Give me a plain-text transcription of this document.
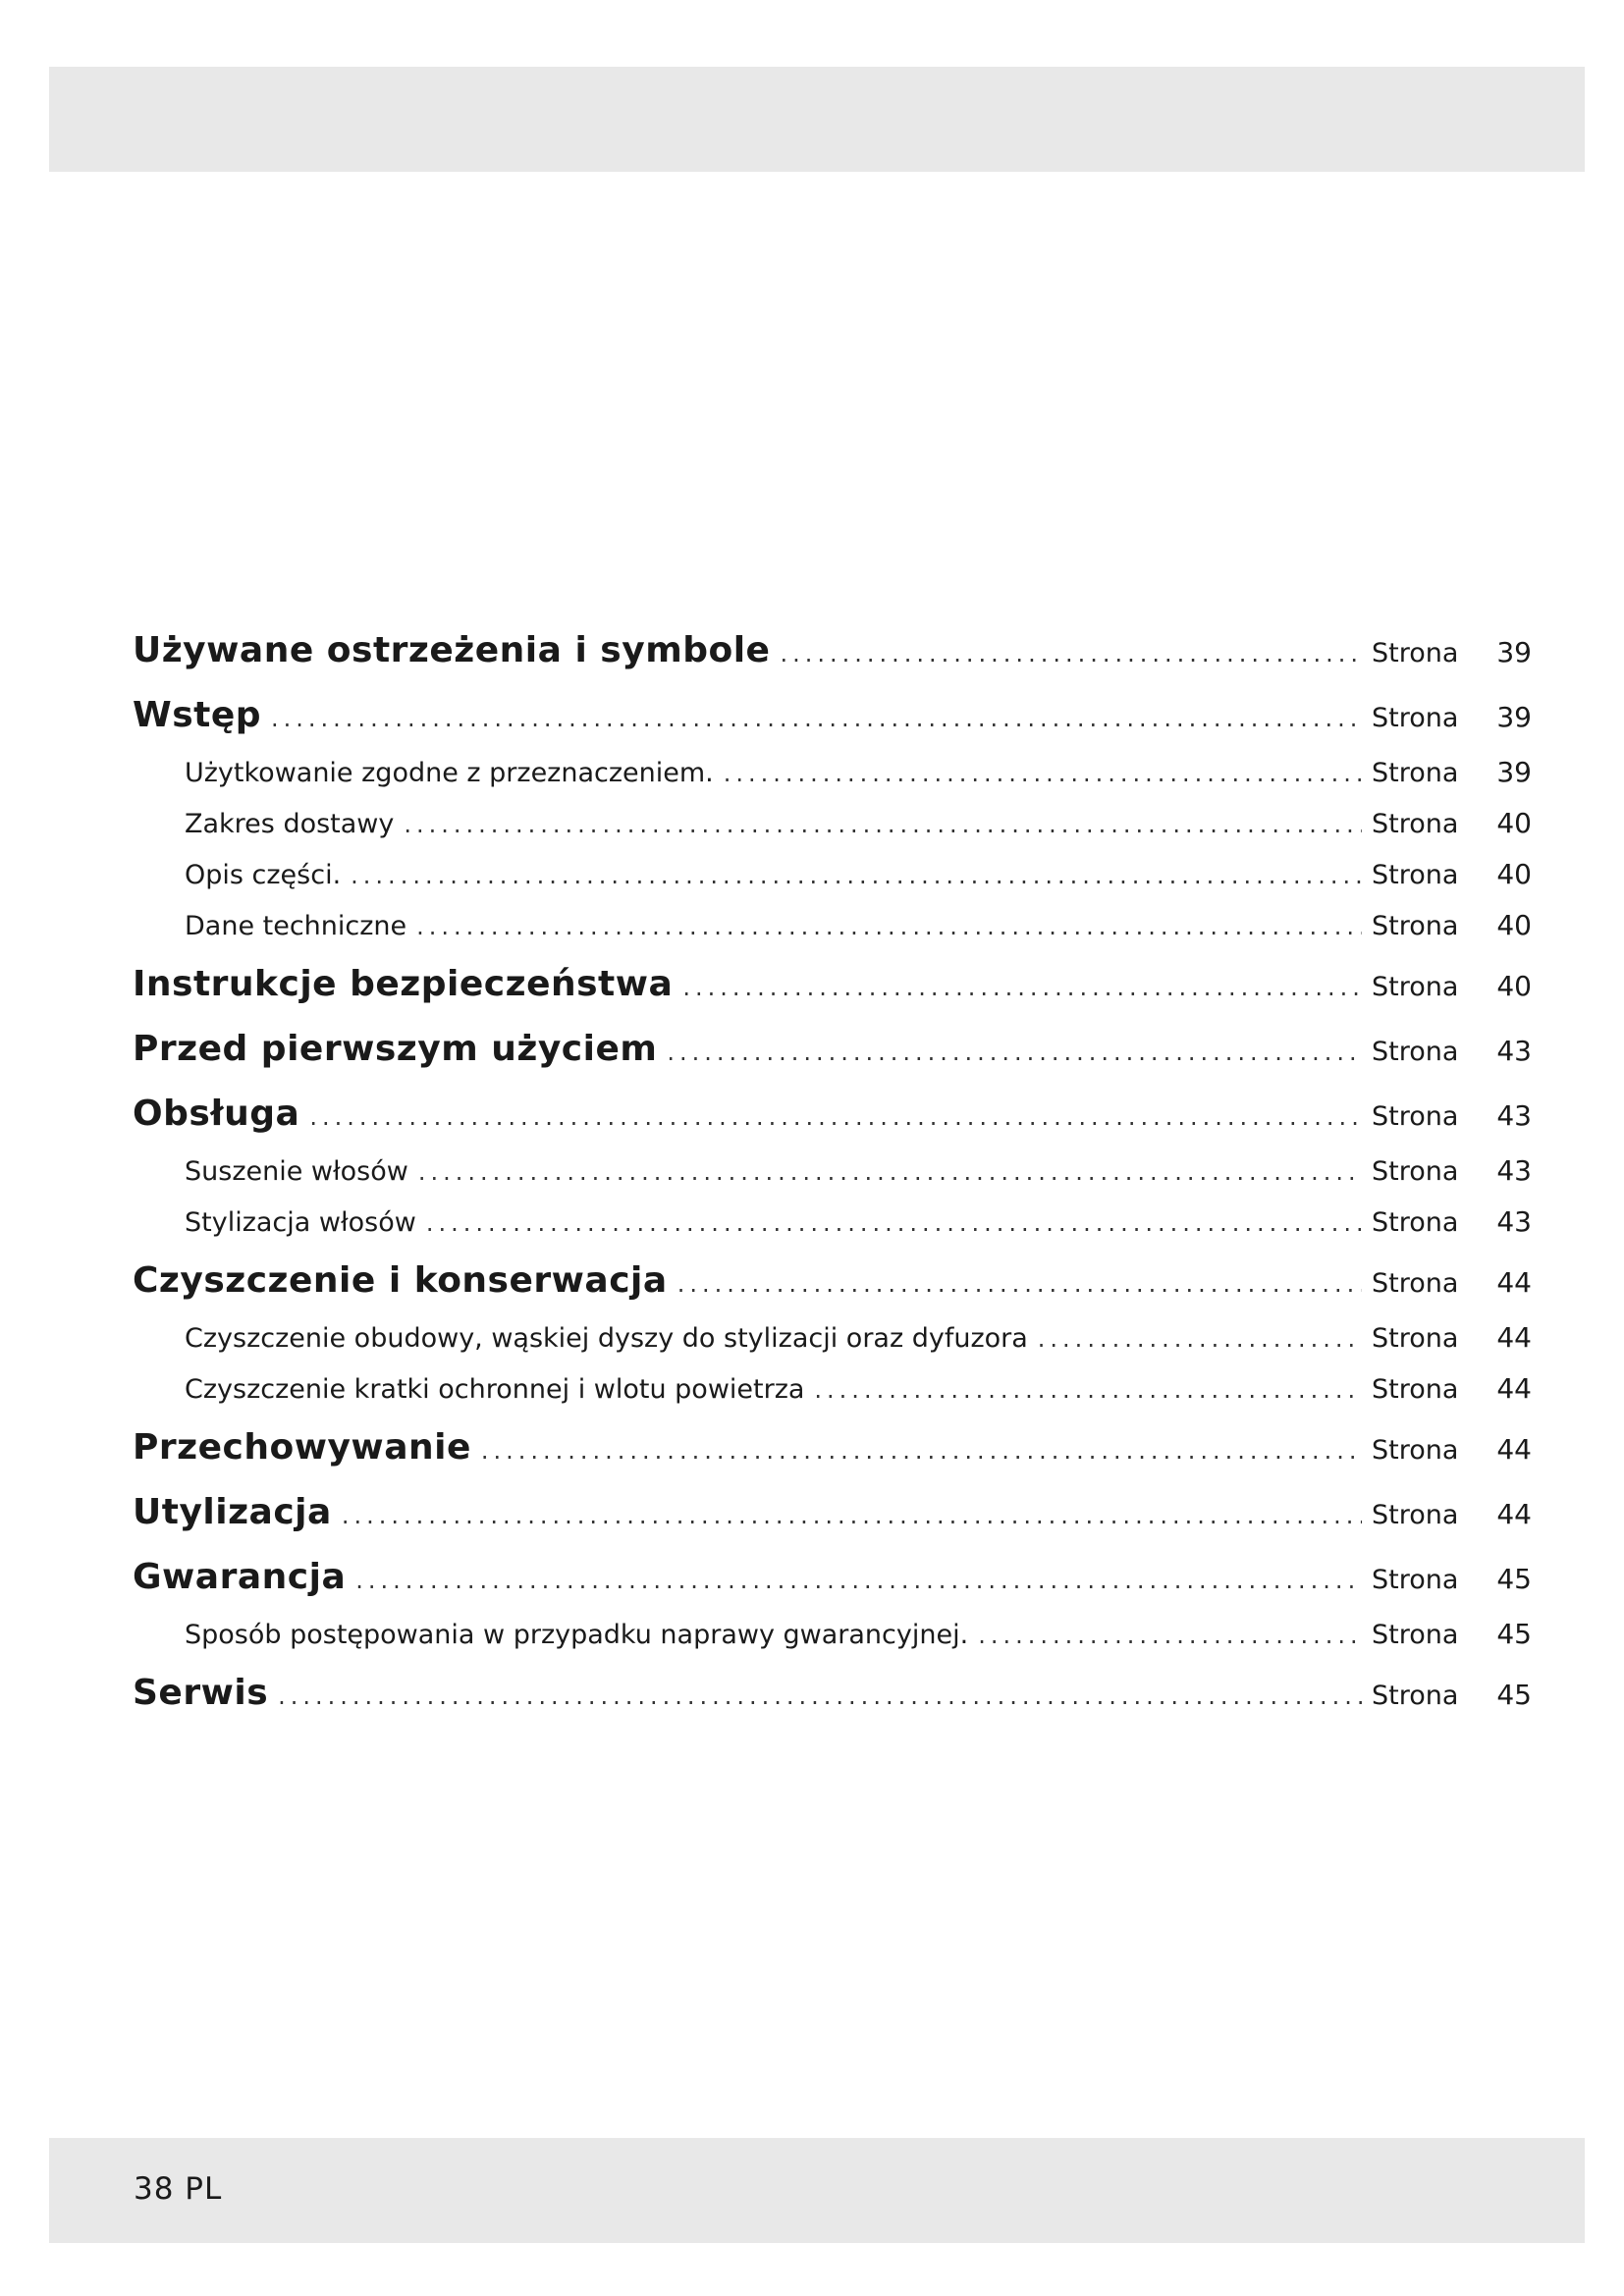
Używane ostrzeżenia i symbole .....	Strona	39
Wstęp .....	Strona	39
Użytkowanie zgodne z przeznaczeniem. .....	Strona	39
Zakres dostawy .....	Strona	40
Opis części. .....	Strona	40
Dane techniczne .....	Strona	40
Instrukcje bezpieczeństwa .....	Strona	40
Przed pierwszym użyciem .....	Strona	43
Obsługa .....	Strona	43
Suszenie włosów .....	Strona	43
Stylizacja włosów .....	Strona	43
Czyszczenie i konserwacja .....	Strona	44
Czyszczenie obudowy, wąskiej dyszy do stylizacji oraz dyfuzora .....	Strona	44
Czyszczenie kratki ochronnej i wlotu powietrza .....	Strona	44
Przechowywanie .....	Strona	44
Utylizacja .....	Strona	44
Gwarancja .....	Strona	45
Sposób postępowania w przypadku naprawy gwarancyjnej. .....	Strona	45
Serwis .....	Strona	45
38 PL
